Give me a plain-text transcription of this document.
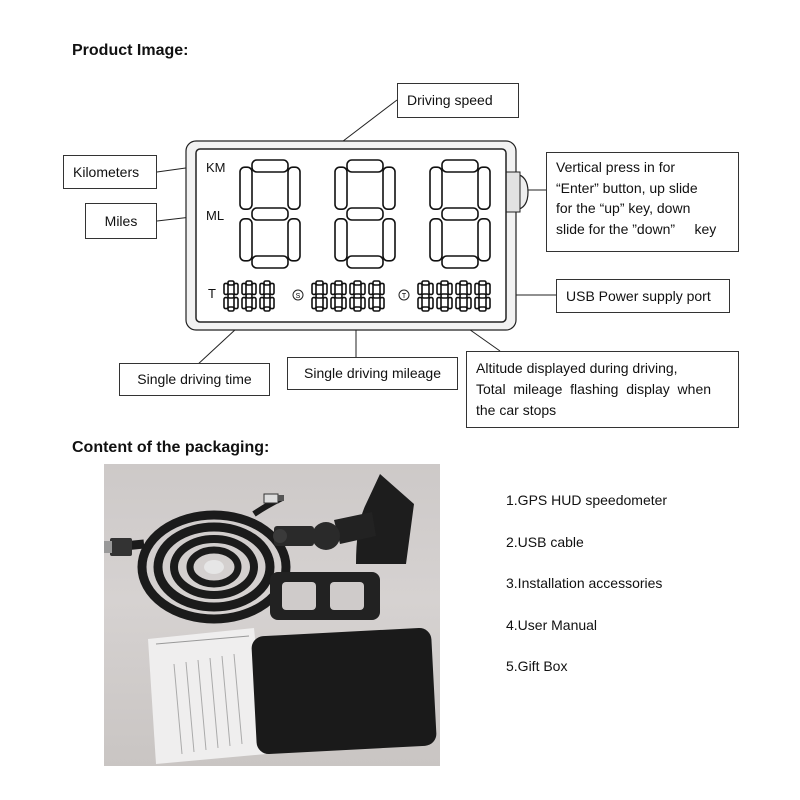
Product Image:
Content of the packaging:
KM
ML
T	S	T
Driving speed
Kilometers
Miles
Vertical press in for
“Enter” button, up slide
for the “up” key, down
slide for the ”down”     key
USB Power supply port
Single driving time	Single driving mileage	Altitude displayed during driving,
Total  mileage  flashing  display  when
the car stops
1.GPS HUD speedometer
2.USB cable
3.Installation accessories
4.User Manual
5.Gift Box
